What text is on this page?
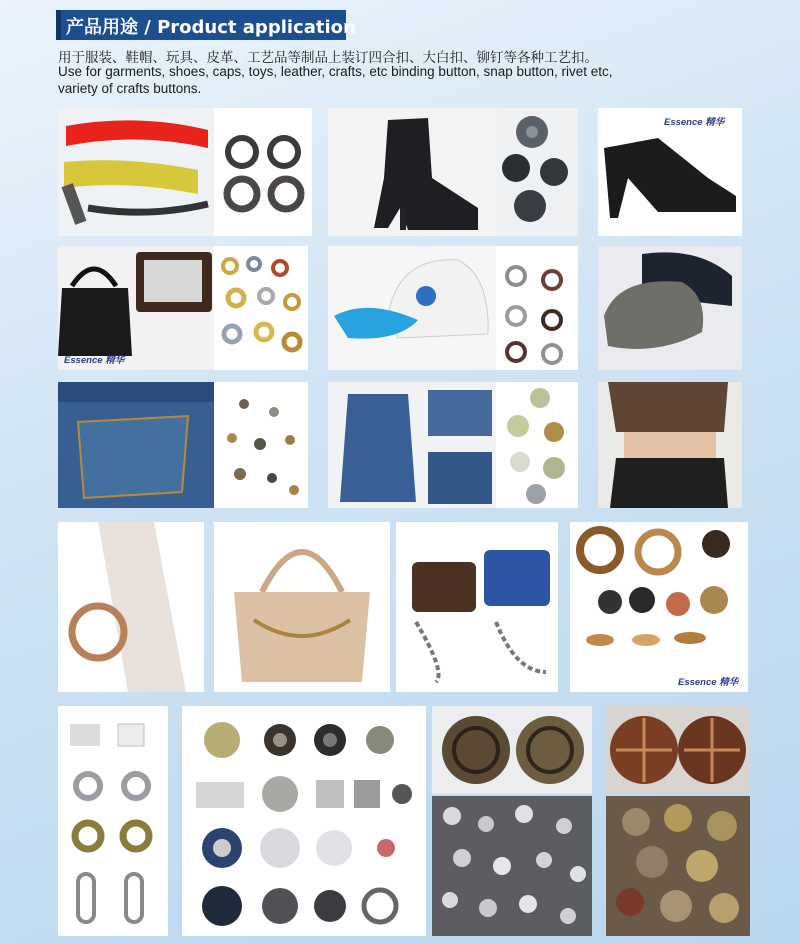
产品用途 / Product application
用于服装、鞋帽、玩具、皮革、工艺品等制品上装订四合扣、大白扣、铆钉等各种工艺扣。
Use for garments, shoes, caps, toys, leather, crafts, etc binding button, snap button, rivet etc,
variety of crafts buttons.
Essence 精华
Essence 精华
Essence 精华
